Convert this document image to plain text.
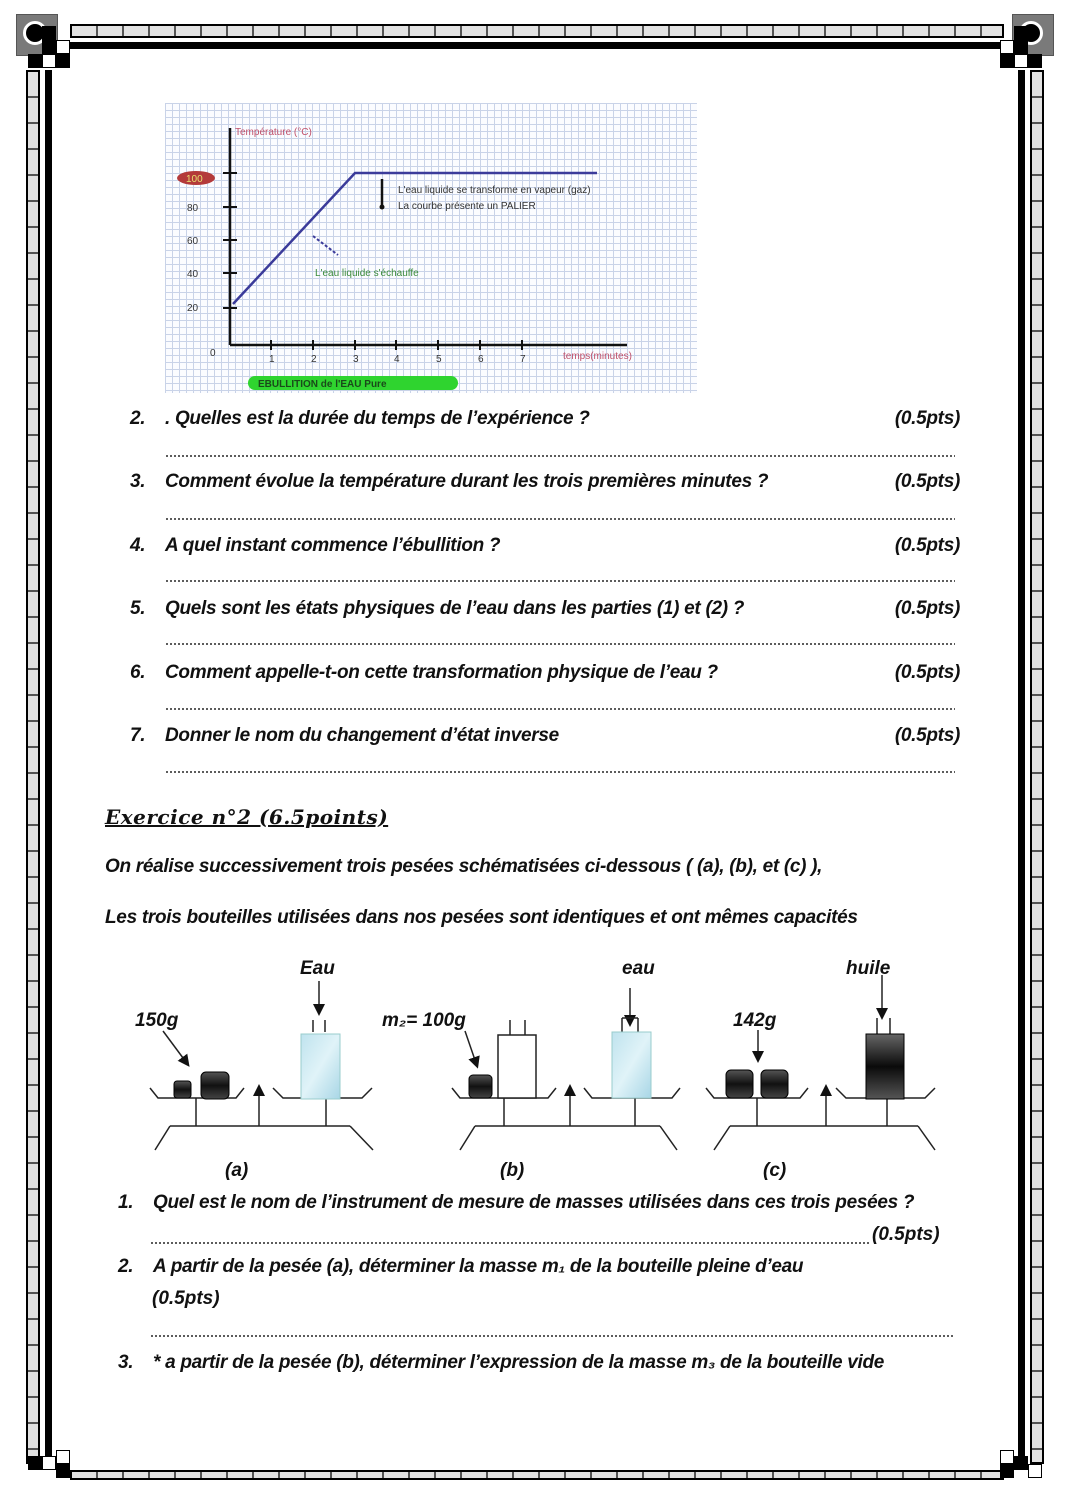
Température (°C)
100
80
60
40
20
0
1	2	3	4	5	6	7	temps(minutes)
L'eau liquide se transforme en vapeur (gaz)
La courbe présente un PALIER
L'eau liquide s'échauffe
EBULLITION de l'EAU Pure
2. . Quelles est la durée du temps de l’expérience ?	(0.5pts)
3. Comment évolue la température durant les trois premières minutes ?	(0.5pts)
4. A quel instant commence l’ébullition ?	(0.5pts)
5. Quels sont les états physiques de l’eau dans les parties (1) et (2) ?	(0.5pts)
6. Comment appelle-t-on cette transformation physique de l’eau ?	(0.5pts)
7. Donner le nom du changement d’état inverse	(0.5pts)
Exercice n°2 (6.5points)
On réalise successivement trois pesées schématisées ci-dessous ( (a), (b), et (c) ),
Les trois bouteilles utilisées dans nos pesées sont identiques et ont mêmes capacités
Eau	eau	huile
150g	m₂= 100g	142g
(a)	(b)	(c)
1. Quel est le nom de l’instrument de mesure de masses utilisées dans ces trois pesées ?
(0.5pts)
2. A partir de la pesée (a), déterminer la masse m₁ de la bouteille pleine d’eau
(0.5pts)
3. * a partir de la pesée (b), déterminer l’expression de la masse m₃ de la bouteille vide
